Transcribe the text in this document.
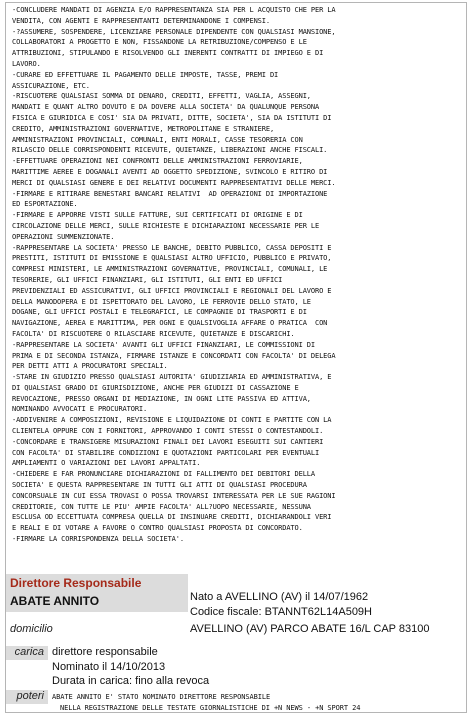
-CONCLUDERE MANDATI DI AGENZIA E/O RAPPRESENTANZA SIA PER L ACQUISTO CHE PER LA
VENDITA, CON AGENTI E RAPPRESENTANTI DETERMINANDONE I COMPENSI.
-?ASSUMERE, SOSPENDERE, LICENZIARE PERSONALE DIPENDENTE CON QUALSIASI MANSIONE,
COLLABORATORI A PROGETTO E NON, FISSANDONE LA RETRIBUZIONE/COMPENSO E LE
ATTRIBUZIONI, STIPULANDO E RISOLVENDO GLI INERENTI CONTRATTI DI IMPIEGO E DI
LAVORO.
-CURARE ED EFFETTUARE IL PAGAMENTO DELLE IMPOSTE, TASSE, PREMI DI
ASSICURAZIONE, ETC.
-RISCUOTERE QUALSIASI SOMMA DI DENARO, CREDITI, EFFETTI, VAGLIA, ASSEGNI,
MANDATI E QUANT ALTRO DOVUTO E DA DOVERE ALLA SOCIETA' DA QUALUNQUE PERSONA
FISICA E GIURIDICA E COSI' SIA DA PRIVATI, DITTE, SOCIETA', SIA DA ISTITUTI DI
CREDITO, AMMINISTRAZIONI GOVERNATIVE, METROPOLITANE E STRANIERE,
AMMINISTRAZIONI PROVINCIALI, COMUNALI, ENTI MORALI, CASSE TESORERIA CON
RILASCIO DELLE CORRISPONDENTI RICEVUTE, QUIETANZE, LIBERAZIONI ANCHE FISCALI.
-EFFETTUARE OPERAZIONI NEI CONFRONTI DELLE AMMINISTRAZIONI FERROVIARIE,
MARITTIME AEREE E DOGANALI AVENTI AD OGGETTO SPEDIZIONE, SVINCOLO E RITIRO DI
MERCI DI QUALSIASI GENERE E DEI RELATIVI DOCUMENTI RAPPRESENTATIVI DELLE MERCI.
-FIRMARE E RITIRARE BENESTARI BANCARI RELATIVI  AD OPERAZIONI DI IMPORTAZIONE
ED ESPORTAZIONE.
-FIRMARE E APPORRE VISTI SULLE FATTURE, SUI CERTIFICATI DI ORIGINE E DI
CIRCOLAZIONE DELLE MERCI, SULLE RICHIESTE E DICHIARAZIONI NECESSARIE PER LE
OPERAZIONI SUMMENZIONATE.
-RAPPRESENTARE LA SOCIETA' PRESSO LE BANCHE, DEBITO PUBBLICO, CASSA DEPOSITI E
PRESTITI, ISTITUTI DI EMISSIONE E QUALSIASI ALTRO UFFICIO, PUBBLICO E PRIVATO,
COMPRESI MINISTERI, LE AMMINISTRAZIONI GOVERNATIVE, PROVINCIALI, COMUNALI, LE
TESORERIE, GLI UFFICI FINANZIARI, GLI ISTITUTI, GLI ENTI ED UFFICI
PREVIDENZIALI ED ASSICURATIVI, GLI UFFICI PROVINCIALI E REGIONALI DEL LAVORO E
DELLA MANODOPERA E DI ISPETTORATO DEL LAVORO, LE FERROVIE DELLO STATO, LE
DOGANE, GLI UFFICI POSTALI E TELEGRAFICI, LE COMPAGNIE DI TRASPORTI E DI
NAVIGAZIONE, AEREA E MARITTIMA, PER OGNI E QUALSIVOGLIA AFFARE O PRATICA  CON
FACOLTA' DI RISCUOTERE O RILASCIARE RICEVUTE, QUIETANZE E DISCARICHI.
-RAPPRESENTARE LA SOCIETA' AVANTI GLI UFFICI FINANZIARI, LE COMMISSIONI DI
PRIMA E DI SECONDA ISTANZA, FIRMARE ISTANZE E CONCORDATI CON FACOLTA' DI DELEGA
PER DETTI ATTI A PROCURATORI SPECIALI.
-STARE IN GIUDIZIO PRESSO QUALSIASI AUTORITA' GIUDIZIARIA ED AMMINISTRATIVA, E
DI QUALSIASI GRADO DI GIURISDIZIONE, ANCHE PER GIUDIZI DI CASSAZIONE E
REVOCAZIONE, PRESSO ORGANI DI MEDIAZIONE, IN OGNI LITE PASSIVA ED ATTIVA,
NOMINANDO AVVOCATI E PROCURATORI.
-ADDIVENIRE A COMPOSIZIONI, REVISIONE E LIQUIDAZIONE DI CONTI E PARTITE CON LA
CLIENTELA OPPURE CON I FORNITORI, APPROVANDO I CONTI STESSI O CONTESTANDOLI.
-CONCORDARE E TRANSIGERE MISURAZIONI FINALI DEI LAVORI ESEGUITI SUI CANTIERI
CON FACOLTA' DI STABILIRE CONDIZIONI E QUOTAZIONI PARTICOLARI PER EVENTUALI
AMPLIAMENTI O VARIAZIONI DEI LAVORI APPALTATI.
-CHIEDERE E FAR PRONUNCIARE DICHIARAZIONI DI FALLIMENTO DEI DEBITORI DELLA
SOCIETA' E QUESTA RAPPRESENTARE IN TUTTI GLI ATTI DI QUALSIASI PROCEDURA
CONCORSUALE IN CUI ESSA TROVASI O POSSA TROVARSI INTERESSATA PER LE SUE RAGIONI
CREDITORIE, CON TUTTE LE PIU' AMPIE FACOLTA' ALL?UOPO NECESSARIE, NESSUNA
ESCLUSA OD ECCETTUATA COMPRESA QUELLA DI INSINUARE CREDITI, DICHIARANDOLI VERI
E REALI E DI VOTARE A FAVORE O CONTRO QUALSIASI PROPOSTA DI CONCORDATO.
-FIRMARE LA CORRISPONDENZA DELLA SOCIETA'.
Direttore Responsabile
ABATE ANNITO	Nato a AVELLINO (AV) il 14/07/1962
Codice fiscale: BTANNT62L14A509H
domicilio	AVELLINO (AV) PARCO ABATE 16/L CAP 83100
carica direttore responsabile
Nominato il 14/10/2013
Durata in carica: fino alla revoca
poteri ABATE ANNITO E' STATO NOMINATO DIRETTORE RESPONSABILE
NELLA REGISTRAZIONE DELLE TESTATE GIORNALISTICHE DI +N NEWS - +N SPORT 24
